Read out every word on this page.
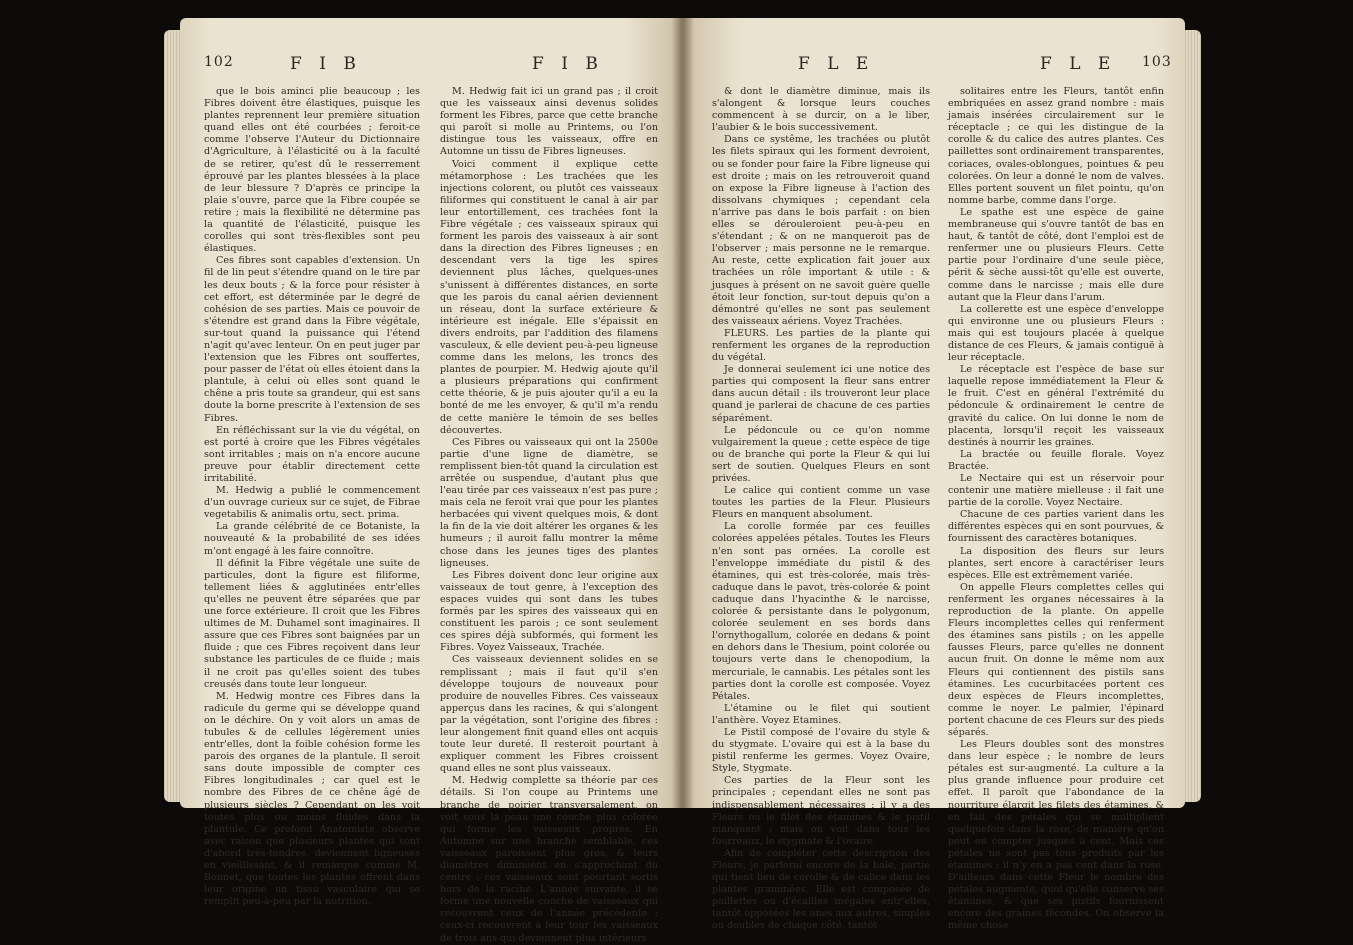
102	F I B	F I B

que le bois aminci plie beaucoup ; les Fibres doivent être élastiques, puisque les plantes reprennent leur première situation quand elles ont été courbées ; feroit-ce comme l'observe l'Auteur du Dictionnaire d'Agriculture, à l'élasticité ou à la faculté de se retirer, qu'est dû le resserrement éprouvé par les plantes blessées à la place de leur blessure ? D'après ce principe la plaie s'ouvre, parce que la Fibre coupée se retire ; mais la flexibilité ne détermine pas la quantité de l'élasticité, puisque les corolles qui sont très-flexibles sont peu élastiques.

Ces fibres sont capables d'extension. Un fil de lin peut s'étendre quand on le tire par les deux bouts ; & la force pour résister à cet effort, est déterminée par le degré de cohésion de ses parties. Mais ce pouvoir de s'étendre est grand dans la Fibre végétale, sur-tout quand la puissance qui l'étend n'agit qu'avec lenteur. On en peut juger par l'extension que les Fibres ont souffertes, pour passer de l'état où elles étoient dans la plantule, à celui où elles sont quand le chêne a pris toute sa grandeur, qui est sans doute la borne prescrite à l'extension de ses Fibres.

En réfléchissant sur la vie du végétal, on est porté à croire que les Fibres végétales sont irritables ; mais on n'a encore aucune preuve pour établir directement cette irritabilité.

M. Hedwig a publié le commencement d'un ouvrage curieux sur ce sujet, de Fibrae vegetabilis & animalis ortu, sect. prima.

La grande célébrité de ce Botaniste, la nouveauté & la probabilité de ses idées m'ont engagé à les faire connoître.

Il définit la Fibre végétale une suite de particules, dont la figure est filiforme, tellement liées & agglutinées entr'elles qu'elles ne peuvent être séparées que par une force extérieure. Il croit que les Fibres ultimes de M. Duhamel sont imaginaires. Il assure que ces Fibres sont baignées par un fluide ; que ces Fibres reçoivent dans leur substance les particules de ce fluide ; mais il ne croit pas qu'elles soient des tubes creusés dans toute leur longueur.

M. Hedwig montre ces Fibres dans la radicule du germe qui se développe quand on le déchire. On y voit alors un amas de tubules & de cellules légèrement unies entr'elles, dont la foible cohésion forme les parois des organes de la plantule. Il seroit sans doute impossible de compter ces Fibres longitudinales ; car quel est le nombre des Fibres de ce chêne âgé de plusieurs siècles ? Cependant on les voit toutes plus ou moins fluides dans la plantule. Ce profond Anatomiste observe avec raison que plusieurs plantes qui sont d'abord très-tendres, deviennent ligneuses en vieillissant, & il remarque comme M. Bonnet, que toutes les plantes offrent dans leur origine un tissu vasculaire qui se remplit peu-à-peu par la nutrition.

M. Hedwig fait ici un grand pas ; il croit que les vaisseaux ainsi devenus solides forment les Fibres, parce que cette branche qui paroît si molle au Printems, ou l'on distingue tous les vaisseaux, offre en Automne un tissu de Fibres ligneuses.

Voici comment il explique cette métamorphose : Les trachées que les injections colorent, ou plutôt ces vaisseaux filiformes qui constituent le canal à air par leur entortillement, ces trachées font la Fibre végétale ; ces vaisseaux spiraux qui forment les parois des vaisseaux à air sont dans la direction des Fibres ligneuses ; en descendant vers la tige les spires deviennent plus lâches, quelques-unes s'unissent à différentes distances, en sorte que les parois du canal aérien deviennent un réseau, dont la surface extérieure & intérieure est inégale. Elle s'épaissit en divers endroits, par l'addition des filamens vasculeux, & elle devient peu-à-peu ligneuse comme dans les melons, les troncs des plantes de pourpier. M. Hedwig ajoute qu'il a plusieurs préparations qui confirment cette théorie, & je puis ajouter qu'il a eu la bonté de me les envoyer, & qu'il m'a rendu de cette manière le témoin de ses belles découvertes.

Ces Fibres ou vaisseaux qui ont la 2500e partie d'une ligne de diamètre, se remplissent bien-tôt quand la circulation est arrêtée ou suspendue, d'autant plus que l'eau tirée par ces vaisseaux n'est pas pure ; mais cela ne feroit vrai que pour les plantes herbacées qui vivent quelques mois, & dont la fin de la vie doit altérer les organes & les humeurs ; il auroit fallu montrer la même chose dans les jeunes tiges des plantes ligneuses.

Les Fibres doivent donc leur origine aux vaisseaux de tout genre, à l'exception des espaces vuides qui sont dans les tubes formés par les spires des vaisseaux qui en constituent les parois ; ce sont seulement ces spires déjà subformés, qui forment les Fibres. Voyez Vaisseaux, Trachée.

Ces vaisseaux deviennent solides en se remplissant ; mais il faut qu'il s'en développe toujours de nouveaux pour produire de nouvelles Fibres. Ces vaisseaux apperçus dans les racines, & qui s'alongent par la végétation, sont l'origine des fibres : leur alongement finit quand elles ont acquis toute leur dureté. Il resteroit pourtant à expliquer comment les Fibres croissent quand elles ne sont plus vaisseaux.

M. Hedwig complette sa théorie par ces détails. Si l'on coupe au Printems une branche de poirier transversalement, on voit sous la peau une couche plus colorée qui forme les vaisseaux propres. En Automne sur une branche semblable, ces vaisseaux paroissent plus gros, & leurs diamètres diminuent en s'approchant du centre ; ces vaisseaux sont pourtant sortis hors de la racine. L'année suivante, il se forme une nouvelle couche de vaisseaux qui recouvrent ceux de l'année précédente ; ceux-ci recouvrent à leur tour les vaisseaux de trois ans qui deviennent plus intérieurs

F L E	F L E 103

& dont le diamètre diminue, mais ils s'alongent & lorsque leurs couches commencent à se durcir, on a le liber, l'aubier & le bois successivement.

Dans ce systême, les trachées ou plutôt les filets spiraux qui les forment devroient, ou se fonder pour faire la Fibre ligneuse qui est droite ; mais on les retrouveroit quand on expose la Fibre ligneuse à l'action des dissolvans chymiques ; cependant cela n'arrive pas dans le bois parfait : on bien elles se dérouleroient peu-à-peu en s'étendant ; & on ne manqueroit pas de l'observer ; mais personne ne le remarque. Au reste, cette explication fait jouer aux trachées un rôle important & utile : & jusques à présent on ne savoit guère quelle étoit leur fonction, sur-tout depuis qu'on a démontré qu'elles ne sont pas seulement des vaisseaux aériens. Voyez Trachées.

FLEURS. Les parties de la plante qui renferment les organes de la reproduction du végétal.

Je donnerai seulement ici une notice des parties qui composent la fleur sans entrer dans aucun détail : ils trouveront leur place quand je parlerai de chacune de ces parties séparément.

Le pédoncule ou ce qu'on nomme vulgairement la queue ; cette espèce de tige ou de branche qui porte la Fleur & qui lui sert de soutien. Quelques Fleurs en sont privées.

Le calice qui contient comme un vase toutes les parties de la Fleur. Plusieurs Fleurs en manquent absolument.

La corolle formée par ces feuilles colorées appelées pétales. Toutes les Fleurs n'en sont pas ornées. La corolle est l'enveloppe immédiate du pistil & des étamines, qui est très-colorée, mais très-caduque dans le pavot, très-colorée & point caduque dans l'hyacinthe & le narcisse, colorée & persistante dans le polygonum, colorée seulement en ses bords dans l'ornythogallum, colorée en dedans & point en dehors dans le Thesium, point colorée ou toujours verte dans le chenopodium, la mercuriale, le cannabis. Les pétales sont les parties dont la corolle est composée. Voyez Pétales.

L'étamine ou le filet qui soutient l'anthère. Voyez Etamines.

Le Pistil composé de l'ovaire du style & du stygmate. L'ovaire qui est à la base du pistil renferme les germes. Voyez Ovaire, Style, Stygmate.

Ces parties de la Fleur sont les principales ; cependant elles ne sont pas indispensablement nécessaires : il y a des Fleurs où le filet des étamines & le pistil manquent ; mais on voit dans tous les fourreaux, le stygmate & l'ovaire.

Afin de compléter cette description des Fleurs, je parlerai encore de la bale, partie qui tient lieu de corolle & de calice dans les plantes graminées. Elle est composée de paillettes ou d'écailles inégales entr'elles, tantôt opposées les unes aux autres, simples ou doubles de chaque côté, tantôt

solitaires entre les Fleurs, tantôt enfin embriquées en assez grand nombre : mais jamais insérées circulairement sur le réceptacle ; ce qui les distingue de la corolle & du calice des autres plantes. Ces paillettes sont ordinairement transparentes, coriaces, ovales-oblongues, pointues & peu colorées. On leur a donné le nom de valves. Elles portent souvent un filet pointu, qu'on nomme barbe, comme dans l'orge.

Le spathe est une espèce de gaine membraneuse qui s'ouvre tantôt de bas en haut, & tantôt de côté, dont l'emploi est de renfermer une ou plusieurs Fleurs. Cette partie pour l'ordinaire d'une seule pièce, périt & sèche aussi-tôt qu'elle est ouverte, comme dans le narcisse ; mais elle dure autant que la Fleur dans l'arum.

La collerette est une espèce d'enveloppe qui environne une ou plusieurs Fleurs : mais qui est toujours placée à quelque distance de ces Fleurs, & jamais contiguë à leur réceptacle.

Le réceptacle est l'espèce de base sur laquelle repose immédiatement la Fleur & le fruit. C'est en général l'extrémité du pédoncule & ordinairement le centre de gravité du calice. On lui donne le nom de placenta, lorsqu'il reçoit les vaisseaux destinés à nourrir les graines.

La bractée ou feuille florale. Voyez Bractée.

Le Nectaire qui est un réservoir pour contenir une matière mielleuse : il fait une partie de la corolle. Voyez Nectaire.

Chacune de ces parties varient dans les différentes espèces qui en sont pourvues, & fournissent des caractères botaniques.

La disposition des fleurs sur leurs plantes, sert encore à caractériser leurs espèces. Elle est extrêmement variée.

On appelle Fleurs complettes celles qui renferment les organes nécessaires à la reproduction de la plante. On appelle Fleurs incomplettes celles qui renferment des étamines sans pistils ; on les appelle fausses Fleurs, parce qu'elles ne donnent aucun fruit. On donne le même nom aux Fleurs qui contiennent des pistils sans étamines. Les cucurbitacées portent ces deux espèces de Fleurs incomplettes, comme le noyer. Le palmier, l'épinard portent chacune de ces Fleurs sur des pieds séparés.

Les Fleurs doubles sont des monstres dans leur espèce ; le nombre de leurs pétales est sur-augmenté. La culture a la plus grande influence pour produire cet effet. Il paroît que l'abondance de la nourriture élargit les filets des étamines, & en fait des pétales qui se multiplient quelquefois dans la rose, de manière qu'on peut en compter jusques à cent. Mais ces pétales ne sont pas tous produits par les étamines : il n'y en a pas cent dans la rose. D'ailleurs dans cette Fleur le nombre des pétales augmente, quoi qu'elle conserve ses étamines, & que ses pistils fournissent encore des graines fécondes. On observe la même chose
